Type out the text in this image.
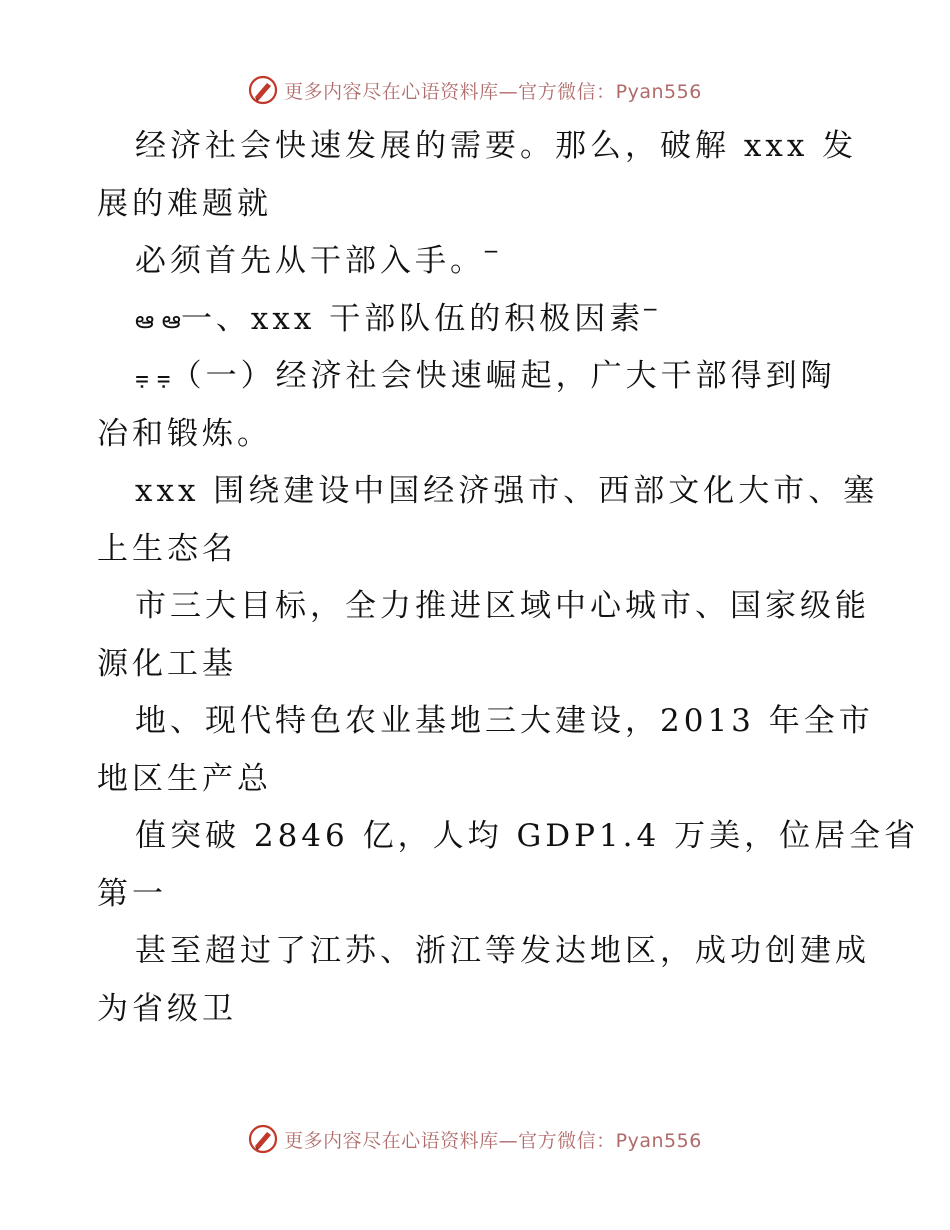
更多内容尽在心语资料库—官方微信：Pyan556
经济社会快速发展的需要。那么，破解 xxx 发
展的难题就
必须首先从干部入手。‾
ఆ ఆ一、xxx 干部队伍的积极因素‾
⩦ ⩦（一）经济社会快速崛起，广大干部得到陶
冶和锻炼。
xxx 围绕建设中国经济强市、西部文化大市、塞
上生态名
市三大目标，全力推进区域中心城市、国家级能
源化工基
地、现代特色农业基地三大建设，2013 年全市
地区生产总
值突破 2846 亿，人均 GDP1.4 万美，位居全省
第一
甚至超过了江苏、浙江等发达地区，成功创建成
为省级卫
更多内容尽在心语资料库—官方微信：Pyan556
